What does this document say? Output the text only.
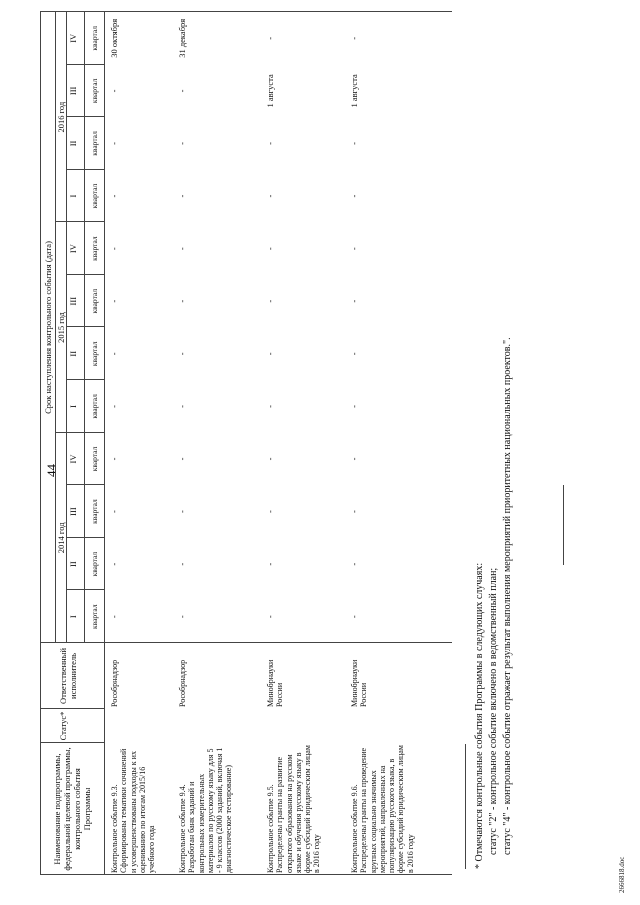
44
Наименование подпрограммы, федеральной целевой программы, контрольного события Программы
Статус*
Ответственный исполнитель
Срок наступления контрольного события (дата)
2014 год
2015 год
2016 год
I квартал
II квартал
III квартал
IV квартал
I квартал
II квартал
III квартал
IV квартал
I квартал
II квартал
III квартал
IV квартал
Контрольное событие 9.3. Сформированы тематики сочинений и усовершенствованы подходы к их оцениванию по итогам 2015/16 учебного года
Рособрнадзор
-
-
-
-
-
-
-
-
-
-
-
30 октября
Контрольное событие 9.4. Разработан банк заданий и контрольных измерительных материалов по русскому языку для 5 - 9 классов (2000 заданий, включая 1 диагностическое тестирование)
Рособрнадзор
-
-
-
-
-
-
-
-
-
-
-
31 декабря
Контрольное событие 9.5. Распределены гранты на развитие открытого образования на русском языке и обучения русскому языку в форме субсидий юридическим лицам в 2016 году
Минобрнауки России
-
-
-
-
-
-
-
-
-
-
1 августа
-
Контрольное событие 9.6. Распределены гранты на проведение крупных социально значимых мероприятий, направленных на популяризацию русского языка, в форме субсидий юридическим лицам в 2016 году
Минобрнауки России
-
-
-
-
-
-
-
-
-
-
1 августа
-
* Отмечаются контрольные события Программы в следующих случаях: статус "2" - контрольное событие включено в ведомственный план; статус "4" - контрольное событие отражает результат выполнения мероприятий приоритетных национальных проектов.".
2666818.doc
